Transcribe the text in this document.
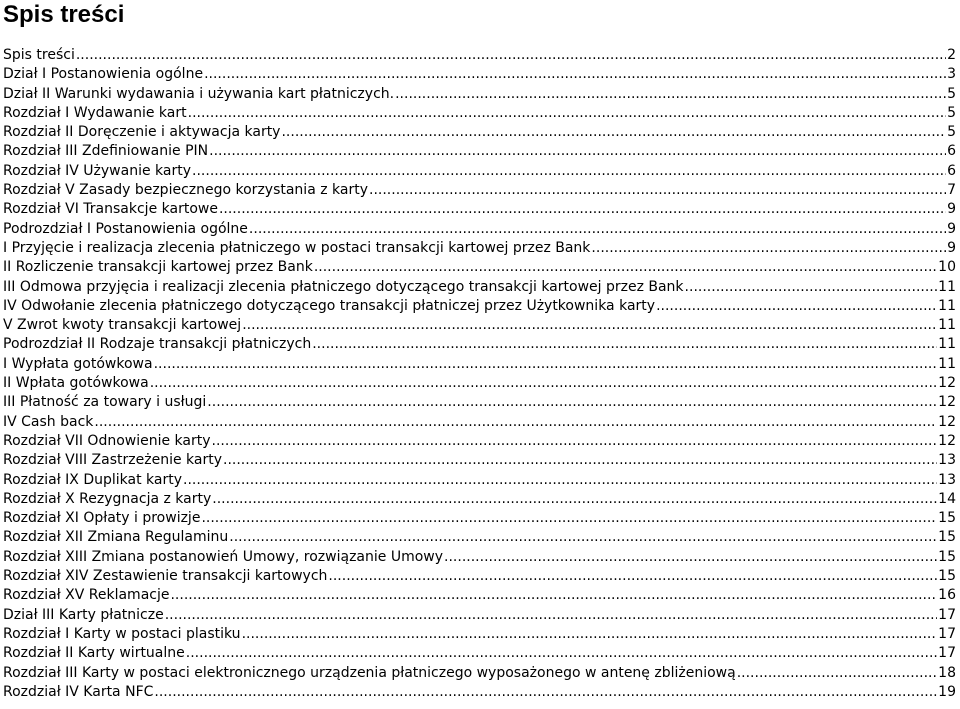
Spis treści
Spis treści .....	2
Dział I Postanowienia ogólne .....	3
Dział II Warunki wydawania i używania kart płatniczych. .....	5
Rozdział I Wydawanie kart .....	5
Rozdział II Doręczenie i aktywacja karty .....	5
Rozdział III Zdefiniowanie PIN .....	6
Rozdział IV Używanie karty .....	6
Rozdział V Zasady bezpiecznego korzystania z karty .....	7
Rozdział VI Transakcje kartowe .....	9
Podrozdział I Postanowienia ogólne .....	9
I Przyjęcie i realizacja zlecenia płatniczego w postaci transakcji kartowej przez Bank .....	9
II Rozliczenie transakcji kartowej przez Bank .....	10
III Odmowa przyjęcia i realizacji zlecenia płatniczego dotyczącego transakcji kartowej przez Bank .....	11
IV Odwołanie zlecenia płatniczego dotyczącego transakcji płatniczej przez Użytkownika karty .....	11
V Zwrot kwoty transakcji kartowej .....	11
Podrozdział II Rodzaje transakcji płatniczych .....	11
I Wypłata gotówkowa .....	11
II Wpłata gotówkowa .....	12
III Płatność za towary i usługi .....	12
IV Cash back .....	12
Rozdział VII Odnowienie karty .....	12
Rozdział VIII Zastrzeżenie karty .....	13
Rozdział IX Duplikat karty .....	13
Rozdział X Rezygnacja z karty .....	14
Rozdział XI Opłaty i prowizje .....	15
Rozdział XII Zmiana Regulaminu .....	15
Rozdział XIII Zmiana postanowień Umowy, rozwiązanie Umowy .....	15
Rozdział XIV Zestawienie transakcji kartowych .....	15
Rozdział XV Reklamacje .....	16
Dział III Karty płatnicze .....	17
Rozdział I Karty w postaci plastiku .....	17
Rozdział II Karty wirtualne .....	17
Rozdział III Karty w postaci elektronicznego urządzenia płatniczego wyposażonego w antenę zbliżeniową .....	18
Rozdział IV Karta NFC .....	19
